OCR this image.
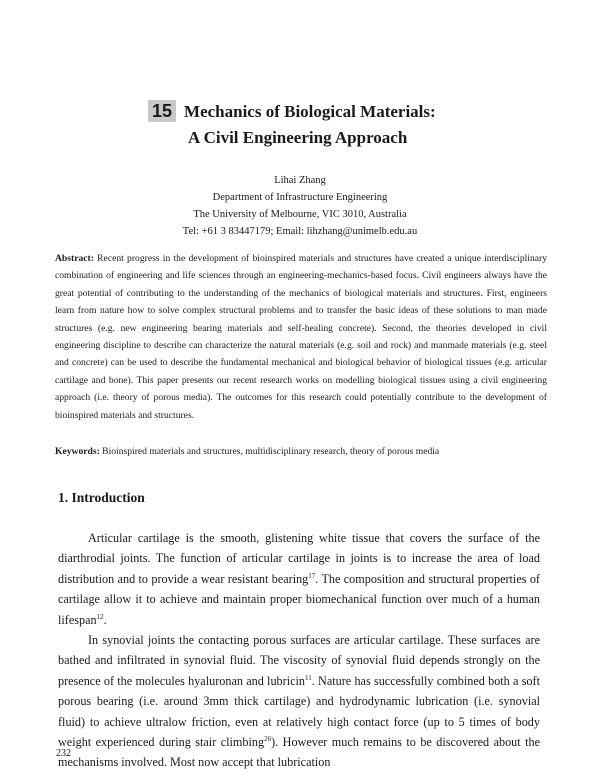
15 Mechanics of Biological Materials:
A Civil Engineering Approach
Lihai Zhang
Department of Infrastructure Engineering
The University of Melbourne, VIC 3010, Australia
Tel: +61 3 83447179; Email: lihzhang@unimelb.edu.au
Abstract: Recent progress in the development of bioinspired materials and structures have created a unique interdisciplinary combination of engineering and life sciences through an engineering-mechanics-based focus. Civil engineers always have the great potential of contributing to the understanding of the mechanics of biological materials and structures. First, engineers learn from nature how to solve complex structural problems and to transfer the basic ideas of these solutions to man made structures (e.g. new engineering bearing materials and self-healing concrete). Second, the theories developed in civil engineering discipline to describe can characterize the natural materials (e.g. soil and rock) and manmade materials (e.g. steel and concrete) can be used to describe the fundamental mechanical and biological behavior of biological tissues (e.g. articular cartilage and bone). This paper presents our recent research works on modelling biological tissues using a civil engineering approach (i.e. theory of porous media). The outcomes for this research could potentially contribute to the development of bioinspired materials and structures.
Keywords: Bioinspired materials and structures, multidisciplinary research, theory of porous media
1. Introduction

Articular cartilage is the smooth, glistening white tissue that covers the surface of the diarthrodial joints. The function of articular cartilage in joints is to increase the area of load distribution and to provide a wear resistant bearing$^{17}$. The composition and structural properties of cartilage allow it to achieve and maintain proper biomechanical function over much of a human lifespan$^{12}$.

In synovial joints the contacting porous surfaces are articular cartilage. These surfaces are bathed and infiltrated in synovial fluid. The viscosity of synovial fluid depends strongly on the presence of the molecules hyaluronan and lubricin$^{11}$. Nature has successfully combined both a soft porous bearing (i.e. around 3mm thick cartilage) and hydrodynamic lubrication (i.e. synovial fluid) to achieve ultralow friction, even at relatively high contact force (up to 5 times of body weight experienced during stair climbing$^{26}$). However much remains to be discovered about the mechanisms involved. Most now accept that lubrication

232
